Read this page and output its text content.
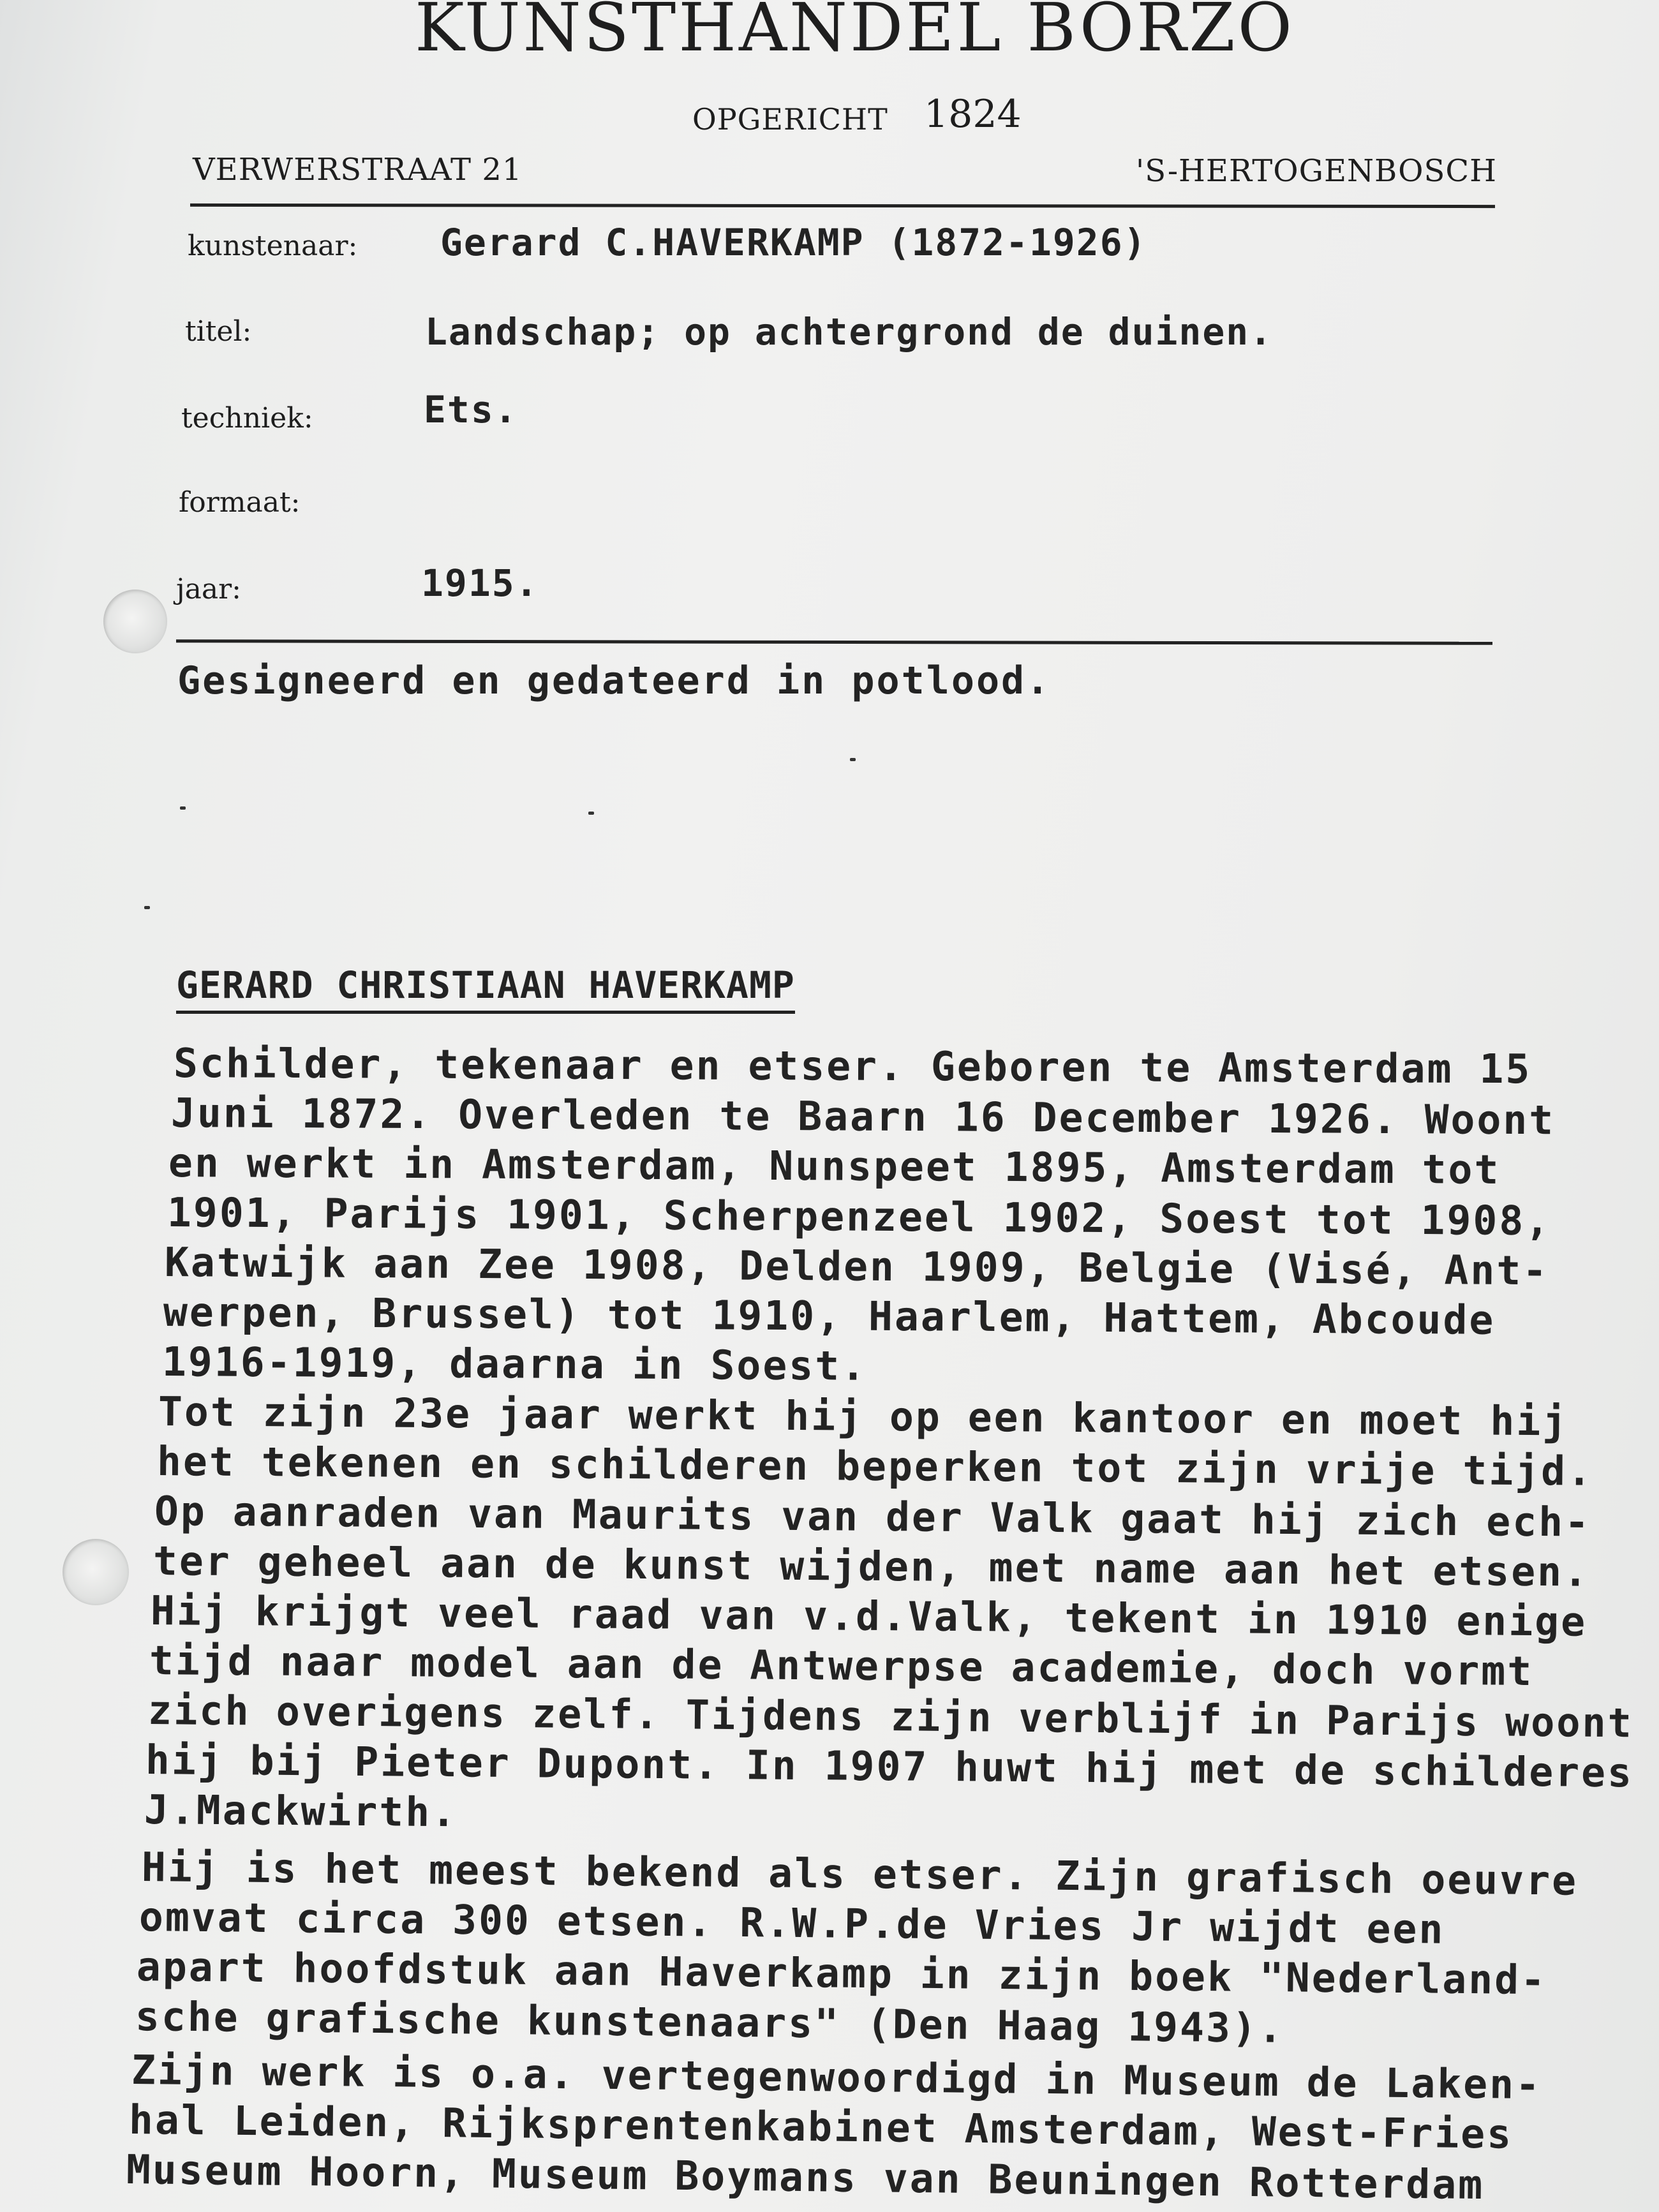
KUNSTHANDEL BORZO
OPGERICHT 1824
VERWERSTRAAT 21	'S-HERTOGENBOSCH
kunstenaar: Gerard C.HAVERKAMP (1872-1926)
titel:	Landschap; op achtergrond de duinen.
techniek:	Ets.
formaat:
jaar:	1915.
Gesigneerd en gedateerd in potlood.
GERARD CHRISTIAAN HAVERKAMP
Schilder, tekenaar en etser. Geboren te Amsterdam 15
Juni 1872. Overleden te Baarn 16 December 1926. Woont
en werkt in Amsterdam, Nunspeet 1895, Amsterdam tot
1901, Parijs 1901, Scherpenzeel 1902, Soest tot 1908,
Katwijk aan Zee 1908, Delden 1909, Belgie (Visé, Ant-
werpen, Brussel) tot 1910, Haarlem, Hattem, Abcoude
1916-1919, daarna in Soest.
Tot zijn 23e jaar werkt hij op een kantoor en moet hij
het tekenen en schilderen beperken tot zijn vrije tijd.
Op aanraden van Maurits van der Valk gaat hij zich ech-
ter geheel aan de kunst wijden, met name aan het etsen.
Hij krijgt veel raad van v.d.Valk, tekent in 1910 enige
tijd naar model aan de Antwerpse academie, doch vormt
zich overigens zelf. Tijdens zijn verblijf in Parijs woont
hij bij Pieter Dupont. In 1907 huwt hij met de schilderes
J.Mackwirth.
Hij is het meest bekend als etser. Zijn grafisch oeuvre
omvat circa 300 etsen. R.W.P.de Vries Jr wijdt een
apart hoofdstuk aan Haverkamp in zijn boek "Nederland-
sche grafische kunstenaars" (Den Haag 1943).
Zijn werk is o.a. vertegenwoordigd in Museum de Laken-
hal Leiden, Rijksprentenkabinet Amsterdam, West-Fries
Museum Hoorn, Museum Boymans van Beuningen Rotterdam
